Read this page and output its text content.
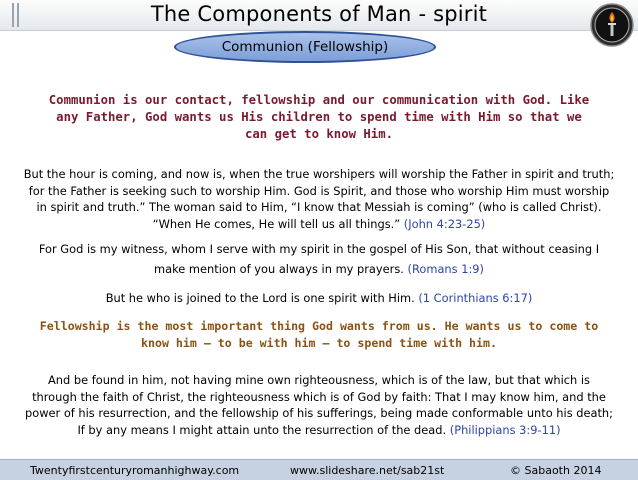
The Components of Man - spirit
Communion (Fellowship)
Communion is our contact, fellowship and our communication with God. Like any Father, God wants us His children to spend time with Him so that we can get to know Him.
But the hour is coming, and now is, when the true worshipers will worship the Father in spirit and truth; for the Father is seeking such to worship Him. God is Spirit, and those who worship Him must worship in spirit and truth.” The woman said to Him, “I know that Messiah is coming” (who is called Christ). “When He comes, He will tell us all things.” (John 4:23-25)
For God is my witness, whom I serve with my spirit in the gospel of His Son, that without ceasing I make mention of you always in my prayers. (Romans 1:9)
But he who is joined to the Lord is one spirit with Him. (1 Corinthians 6:17)
Fellowship is the most important thing God wants from us. He wants us to come to know him – to be with him – to spend time with him.
And be found in him, not having mine own righteousness, which is of the law, but that which is through the faith of Christ, the righteousness which is of God by faith: That I may know him, and the power of his resurrection, and the fellowship of his sufferings, being made conformable unto his death; If by any means I might attain unto the resurrection of the dead. (Philippians 3:9-11)
Twentyfirstcenturyromanhighway.com	www.slideshare.net/sab21st	© Sabaoth 2014
